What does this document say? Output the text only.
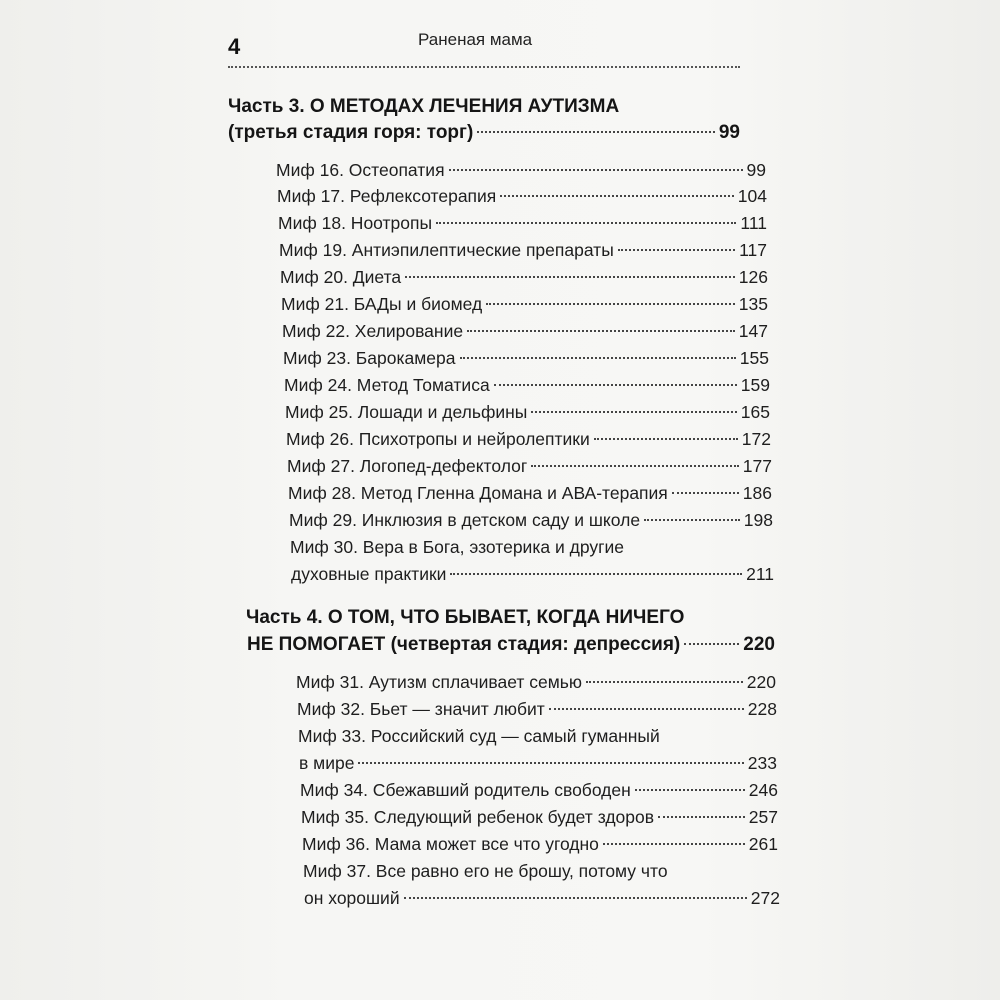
4	Раненая мама
Часть 3. О МЕТОДАХ ЛЕЧЕНИЯ АУТИЗМА
(третья стадия горя: торг)	99
Миф 16. Остеопатия	99
Миф 17. Рефлексотерапия	104
Миф 18. Ноотропы	111
Миф 19. Антиэпилептические препараты	117
Миф 20. Диета	126
Миф 21. БАДы и биомед	135
Миф 22. Хелирование	147
Миф 23. Барокамера	155
Миф 24. Метод Томатиса	159
Миф 25. Лошади и дельфины	165
Миф 26. Психотропы и нейролептики	172
Миф 27. Логопед-дефектолог	177
Миф 28. Метод Гленна Домана и АВА-терапия	186
Миф 29. Инклюзия в детском саду и школе	198
Миф 30. Вера в Бога, эзотерика и другие
духовные практики	211
Часть 4. О ТОМ, ЧТО БЫВАЕТ, КОГДА НИЧЕГО
НЕ ПОМОГАЕТ (четвертая стадия: депрессия)	220
Миф 31. Аутизм сплачивает семью	220
Миф 32. Бьет — значит любит	228
Миф 33. Российский суд — самый гуманный
в мире	233
Миф 34. Сбежавший родитель свободен	246
Миф 35. Следующий ребенок будет здоров	257
Миф 36. Мама может все что угодно	261
Миф 37. Все равно его не брошу, потому что
он хороший	272
